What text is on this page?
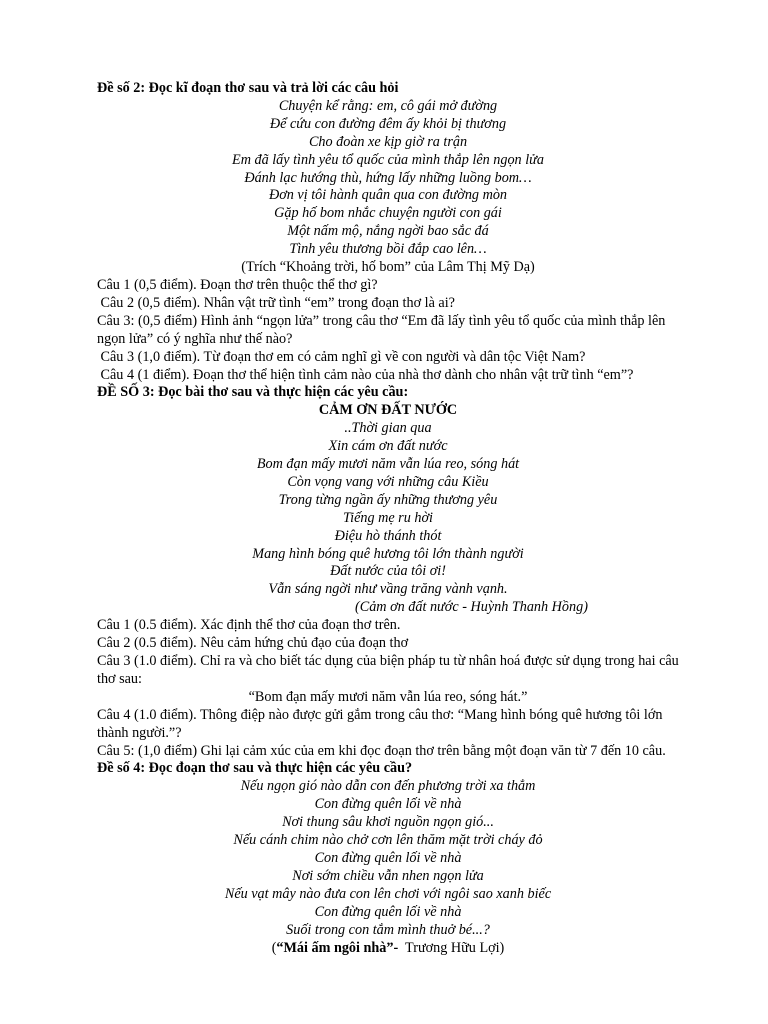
Đề số 2: Đọc kĩ đoạn thơ sau và trả lời các câu hỏi
Chuyện kể rằng: em, cô gái mở đường
Để cứu con đường đêm ấy khỏi bị thương
Cho đoàn xe kịp giờ ra trận
Em đã lấy tình yêu tổ quốc của mình thắp lên ngọn lửa
Đánh lạc hướng thù, hứng lấy những luồng bom…
Đơn vị tôi hành quân qua con đường mòn
Gặp hố bom nhắc chuyện người con gái
Một nấm mộ, nắng ngời bao sắc đá
Tình yêu thương bồi đắp cao lên…
(Trích “Khoảng trời, hố bom” của Lâm Thị Mỹ Dạ)
Câu 1 (0,5 điểm). Đoạn thơ trên thuộc thể thơ gì?
Câu 2 (0,5 điểm). Nhân vật trữ tình “em” trong đoạn thơ là ai?
Câu 3: (0,5 điểm) Hình ảnh “ngọn lửa” trong câu thơ “Em đã lấy tình yêu tổ quốc của mình thắp lên ngọn lửa” có ý nghĩa như thế nào?
Câu 3 (1,0 điểm). Từ đoạn thơ em có cảm nghĩ gì về con người và dân tộc Việt Nam?
Câu 4 (1 điểm). Đoạn thơ thể hiện tình cảm nào của nhà thơ dành cho nhân vật trữ tình “em”?
ĐỀ SỐ 3: Đọc bài thơ sau và thực hiện các yêu cầu:
CẢM ƠN ĐẤT NƯỚC
..Thời gian qua
Xin cám ơn đất nước
Bom đạn mấy mươi năm vẫn lúa reo, sóng hát
Còn vọng vang với những câu Kiều
Trong từng ngần ấy những thương yêu
Tiếng mẹ ru hời
Điệu hò thánh thót
Mang hình bóng quê hương tôi lớn thành người
Đất nước của tôi ơi!
Vẫn sáng ngời như vầng trăng vành vạnh.
(Cảm ơn đất nước - Huỳnh Thanh Hồng)
Câu 1 (0.5 điểm). Xác định thể thơ của đoạn thơ trên.
Câu 2 (0.5 điểm). Nêu cảm hứng chủ đạo của đoạn thơ
Câu 3 (1.0 điểm). Chỉ ra và cho biết tác dụng của biện pháp tu từ nhân hoá được sử dụng trong hai câu thơ sau:
“Bom đạn mấy mươi năm vẫn lúa reo, sóng hát.”
Câu 4 (1.0 điểm). Thông điệp nào được gửi gắm trong câu thơ: “Mang hình bóng quê hương tôi lớn thành người.”?
Câu 5: (1,0 điểm) Ghi lại cảm xúc của em khi đọc đoạn thơ trên bằng một đoạn văn từ 7 đến 10 câu.
Đề số 4: Đọc đoạn thơ sau và thực hiện các yêu cầu?
Nếu ngọn gió nào dẫn con đến phương trời xa thẳm
Con đừng quên lối về nhà
Nơi thung sâu khơi nguồn ngọn gió...
Nếu cánh chim nào chở cơn lên thăm mặt trời cháy đỏ
Con đừng quên lối về nhà
Nơi sớm chiều vẫn nhen ngọn lửa
Nếu vạt mây nào đưa con lên chơi với ngôi sao xanh biếc
Con đừng quên lối về nhà
Suối trong con tắm mình thuở bé...?
(“Mái ấm ngôi nhà”-  Trương Hữu Lợi)
